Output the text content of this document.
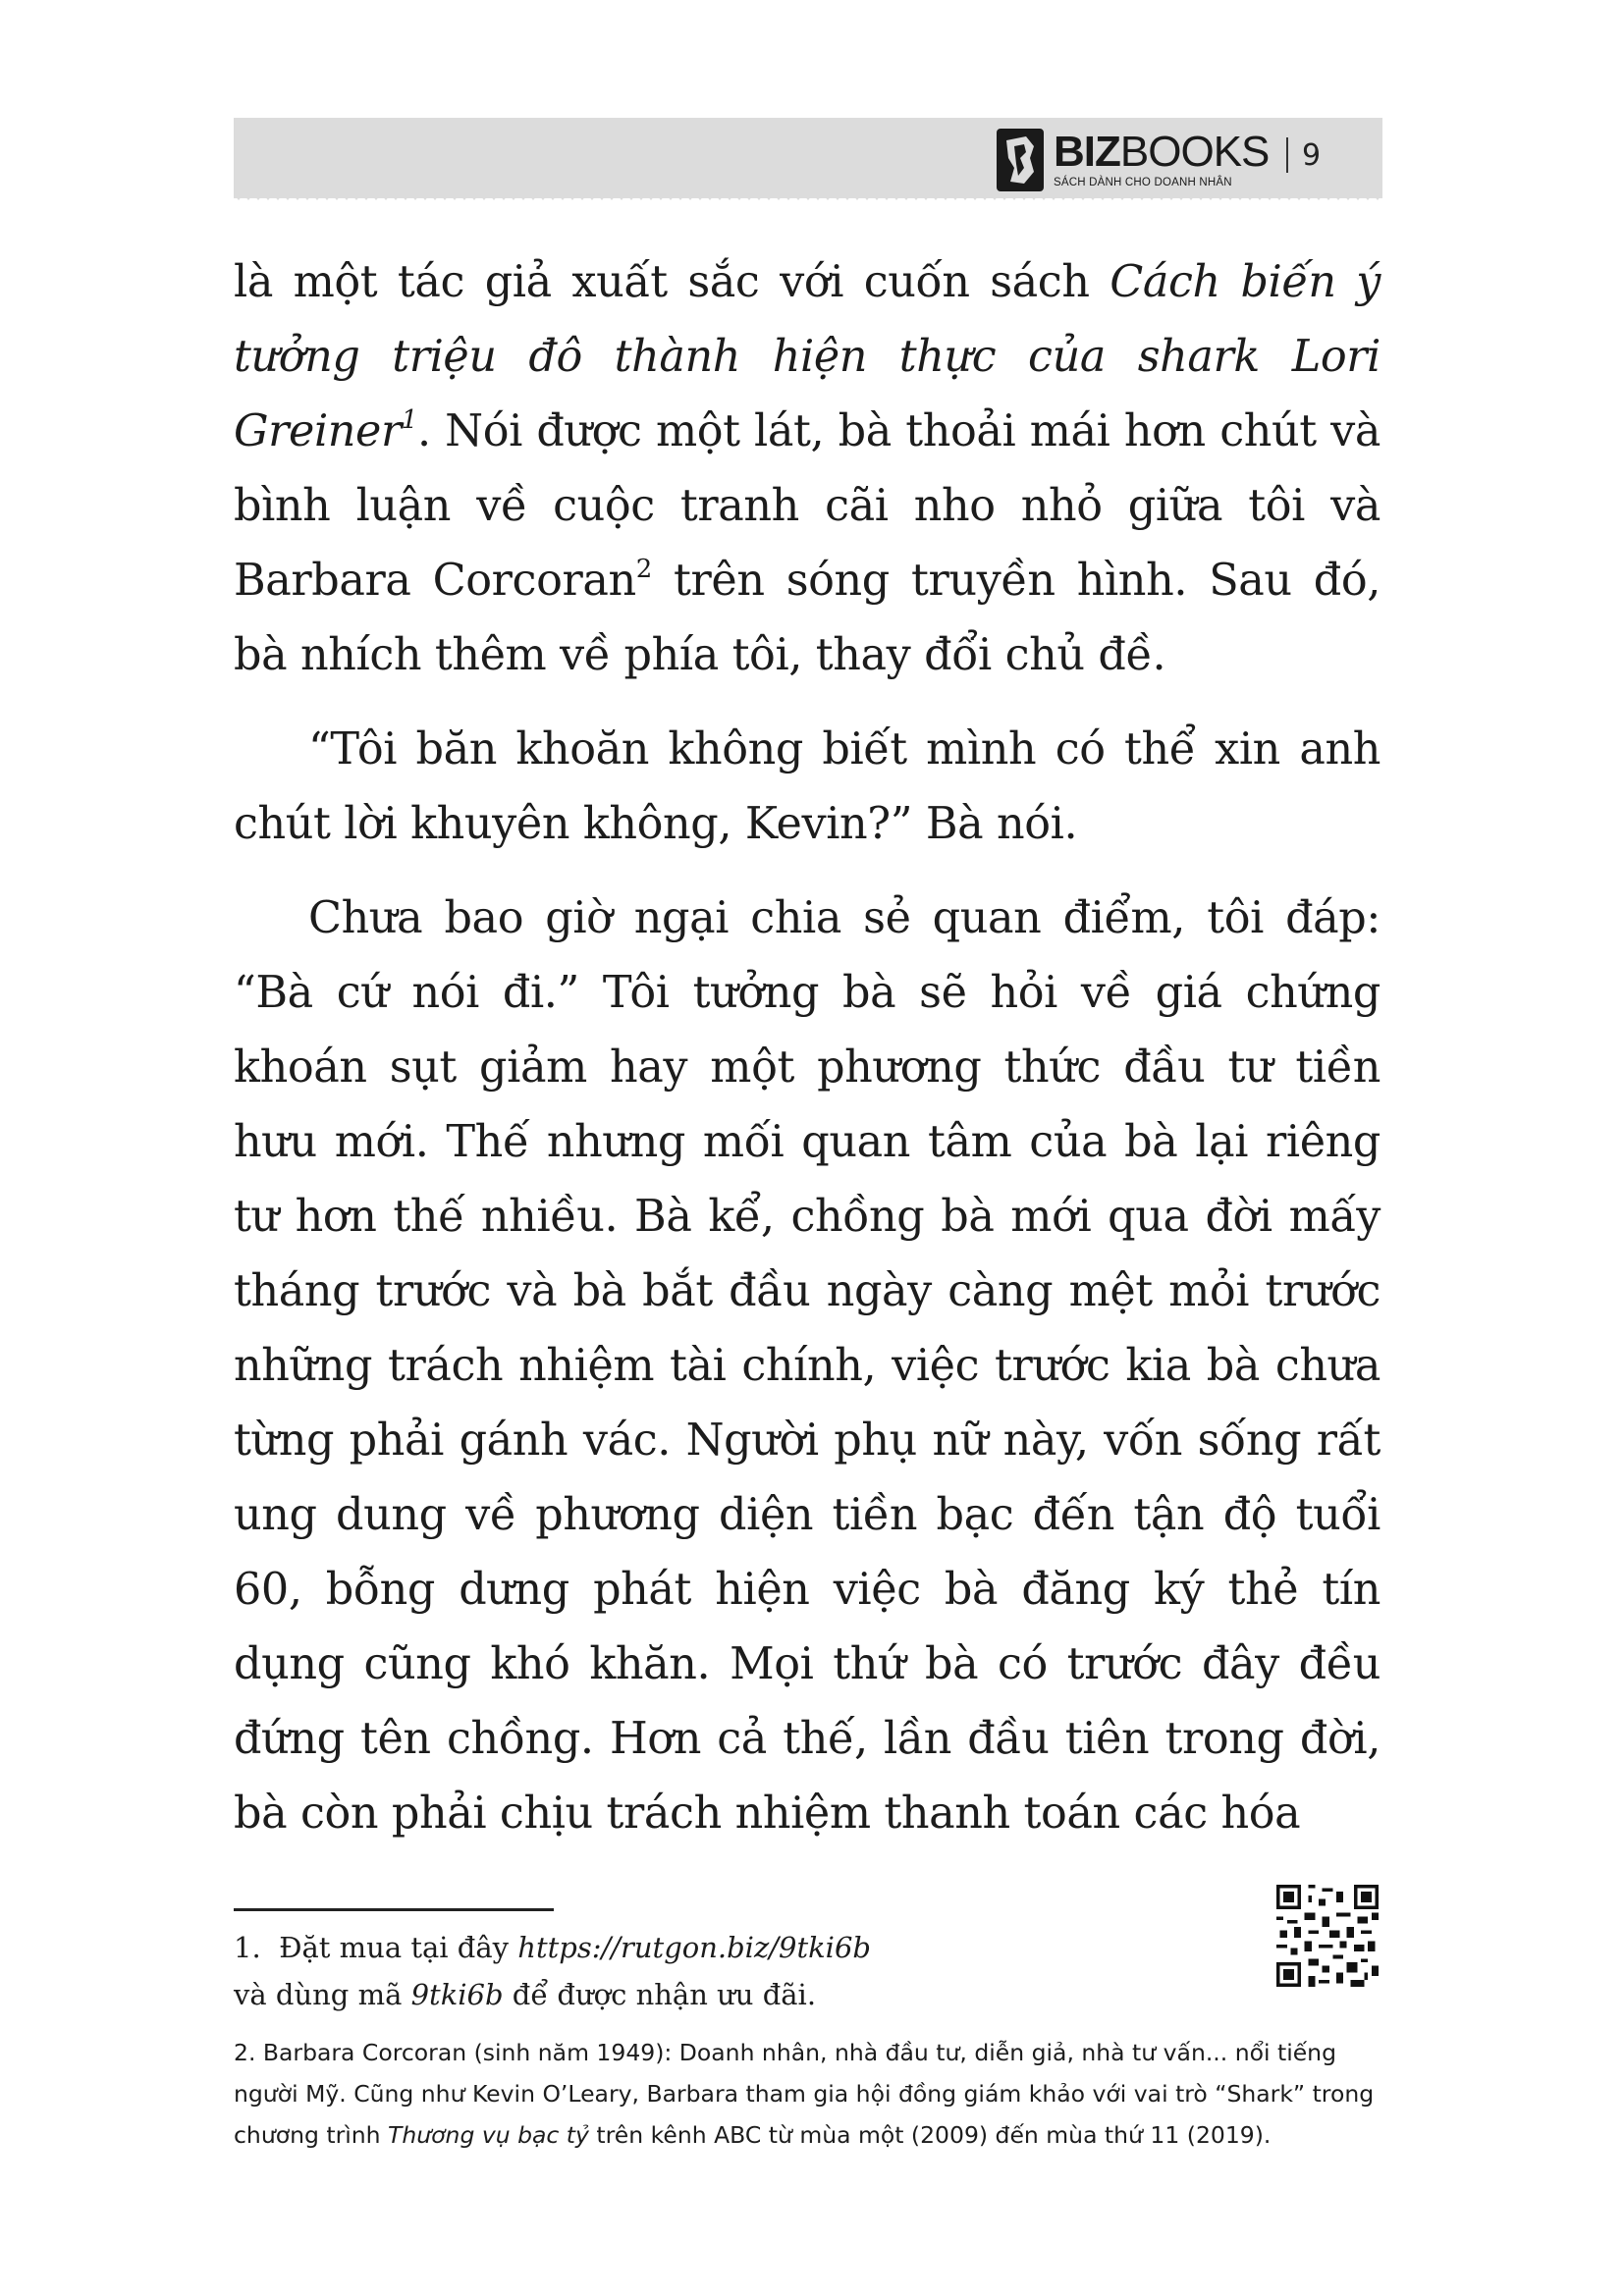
BIZBOOKS
SÁCH DÀNH CHO DOANH NHÂN
9

là một tác giả xuất sắc với cuốn sách Cách biến ý tưởng triệu đô thành hiện thực của shark Lori Greiner$^1$. Nói được một lát, bà thoải mái hơn chút và bình luận về cuộc tranh cãi nho nhỏ giữa tôi và Barbara Corcoran$^2$ trên sóng truyền hình. Sau đó, bà nhích thêm về phía tôi, thay đổi chủ đề.

“Tôi băn khoăn không biết mình có thể xin anh chút lời khuyên không, Kevin?” Bà nói.

Chưa bao giờ ngại chia sẻ quan điểm, tôi đáp: “Bà cứ nói đi.” Tôi tưởng bà sẽ hỏi về giá chứng khoán sụt giảm hay một phương thức đầu tư tiền hưu mới. Thế nhưng mối quan tâm của bà lại riêng tư hơn thế nhiều. Bà kể, chồng bà mới qua đời mấy tháng trước và bà bắt đầu ngày càng mệt mỏi trước những trách nhiệm tài chính, việc trước kia bà chưa từng phải gánh vác. Người phụ nữ này, vốn sống rất ung dung về phương diện tiền bạc đến tận độ tuổi 60, bỗng dưng phát hiện việc bà đăng ký thẻ tín dụng cũng khó khăn. Mọi thứ bà có trước đây đều đứng tên chồng. Hơn cả thế, lần đầu tiên trong đời, bà còn phải chịu trách nhiệm thanh toán các hóa

1. Đặt mua tại đây https://rutgon.biz/9tki6b
và dùng mã 9tki6b để được nhận ưu đãi.
2. Barbara Corcoran (sinh năm 1949): Doanh nhân, nhà đầu tư, diễn giả, nhà tư vấn... nổi tiếng người Mỹ. Cũng như Kevin O’Leary, Barbara tham gia hội đồng giám khảo với vai trò “Shark” trong chương trình Thương vụ bạc tỷ trên kênh ABC từ mùa một (2009) đến mùa thứ 11 (2019).
